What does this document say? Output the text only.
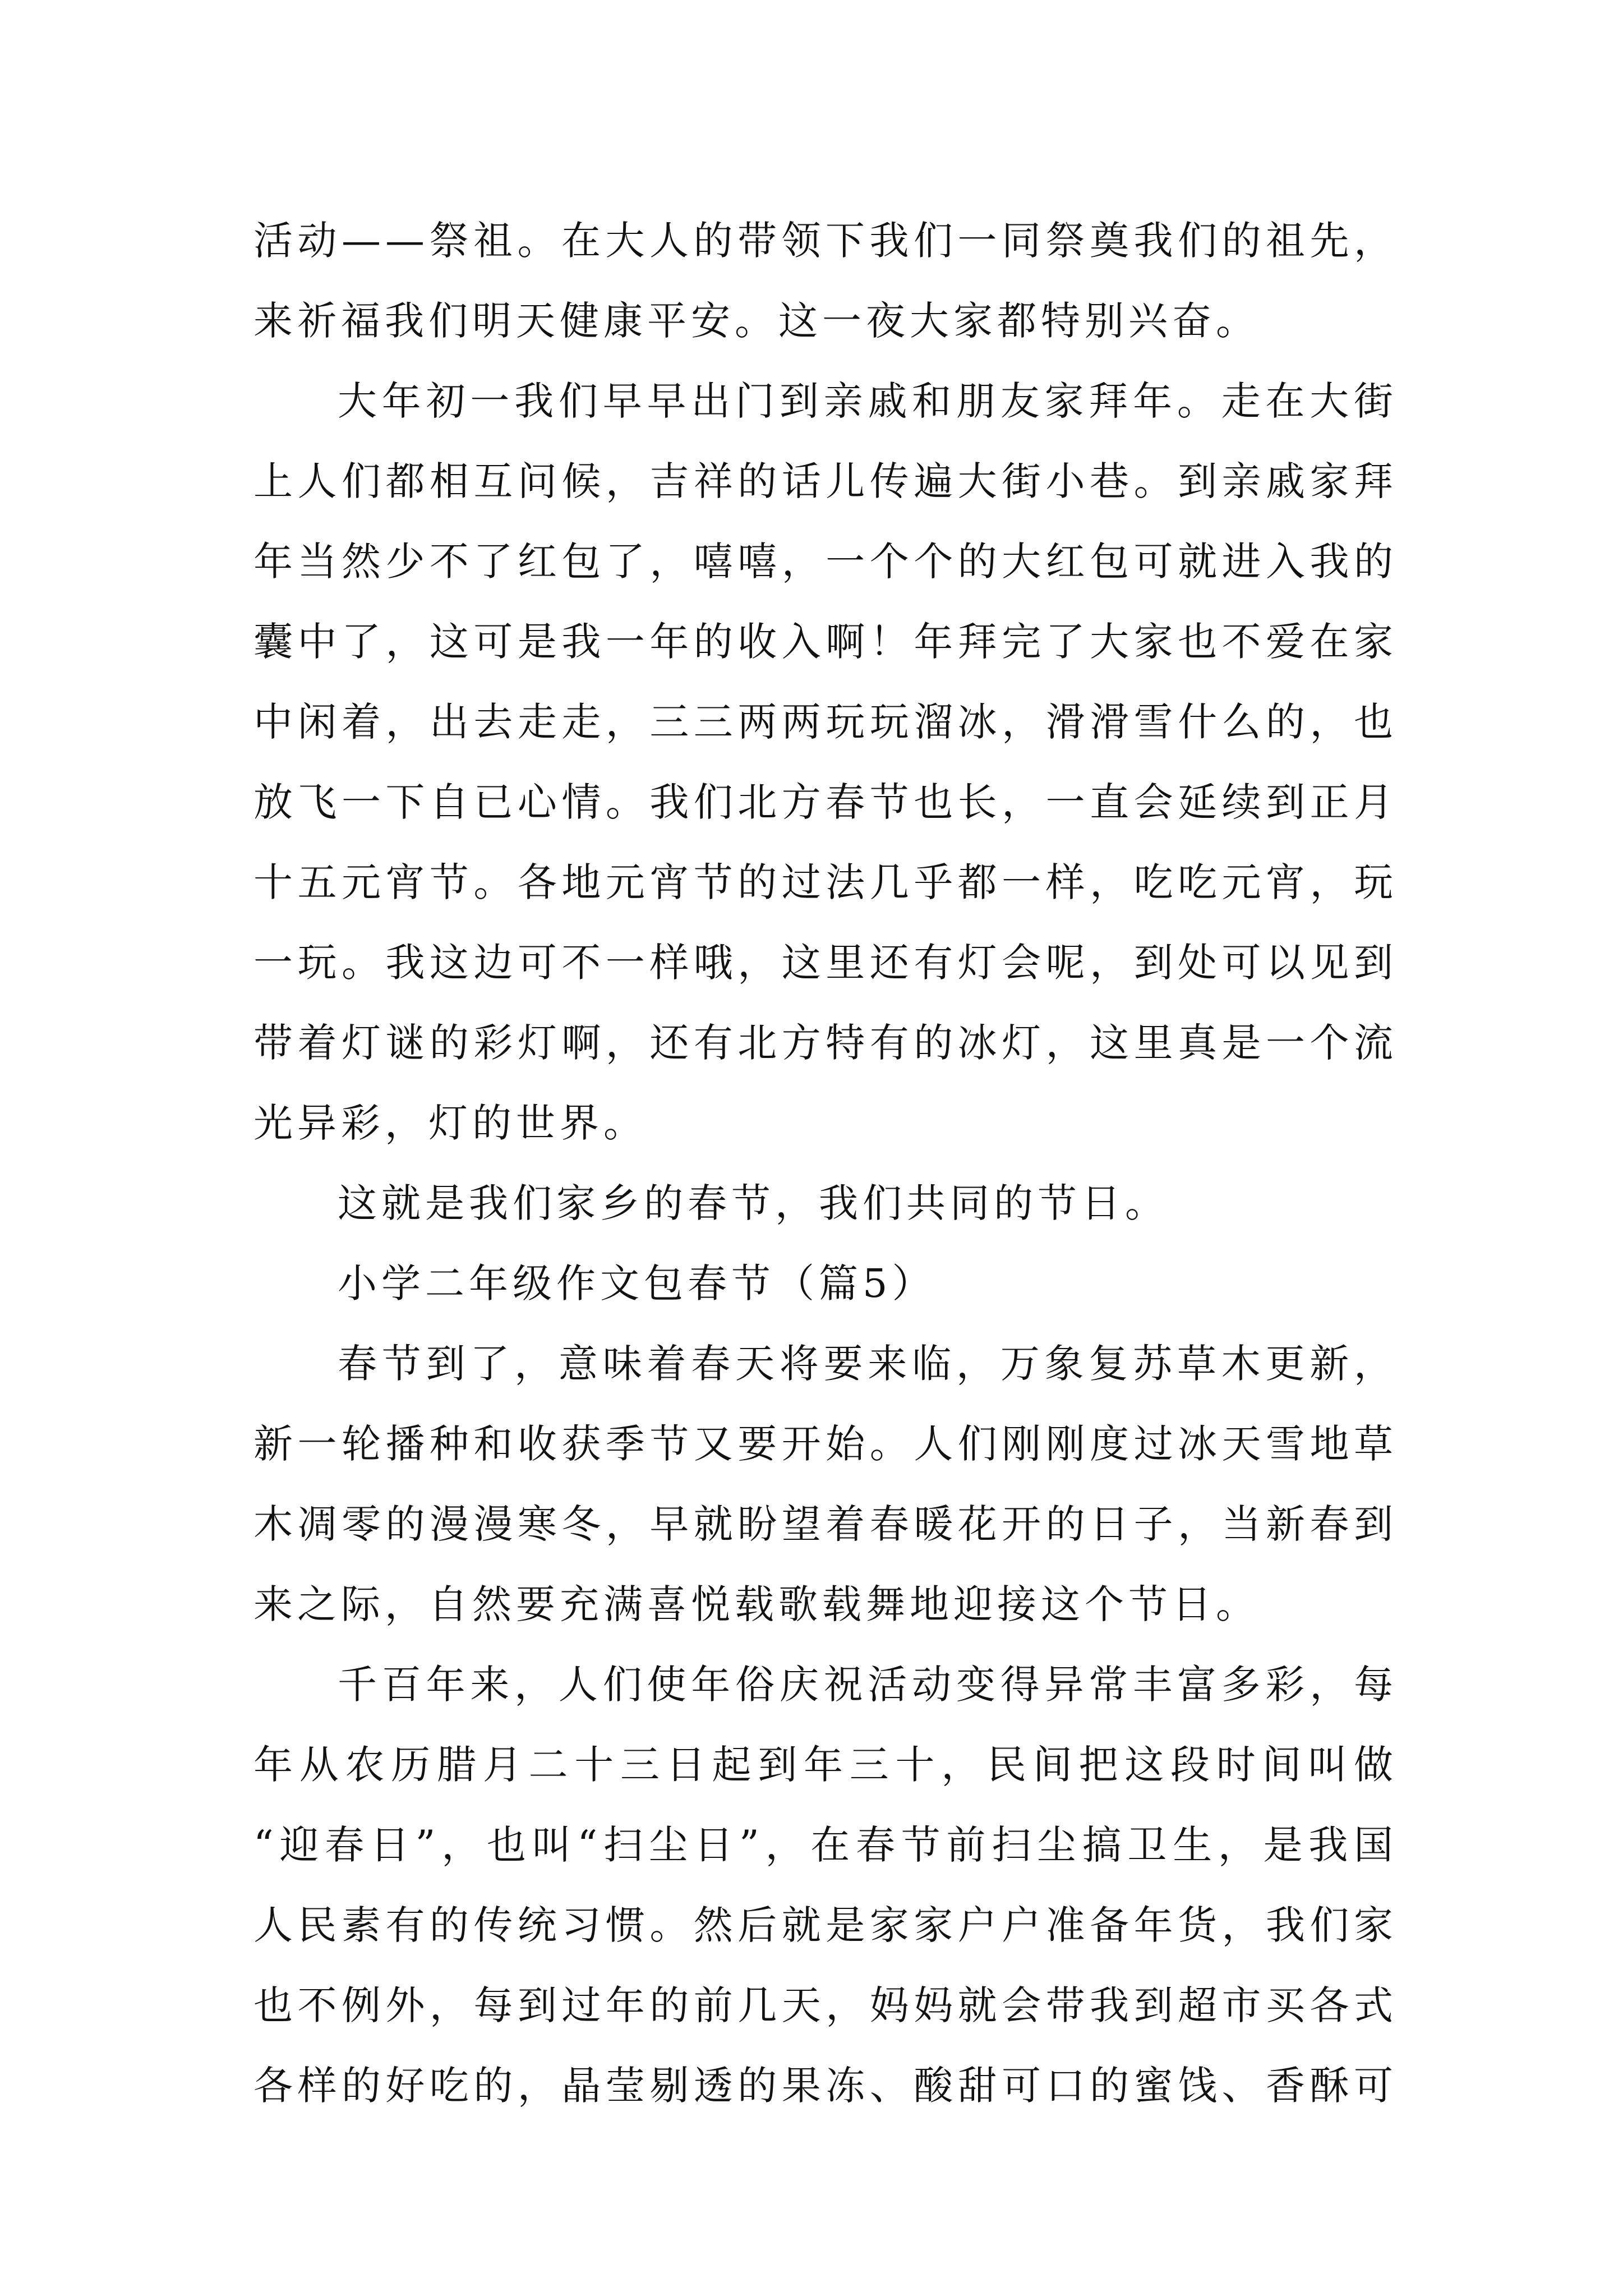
活动——祭祖。在大人的带领下我们一同祭奠我们的祖先，
来祈福我们明天健康平安。这一夜大家都特别兴奋。
大年初一我们早早出门到亲戚和朋友家拜年。走在大街
上人们都相互问候，吉祥的话儿传遍大街小巷。到亲戚家拜
年当然少不了红包了，嘻嘻，一个个的大红包可就进入我的
囊中了，这可是我一年的收入啊！年拜完了大家也不爱在家
中闲着，出去走走，三三两两玩玩溜冰，滑滑雪什么的，也
放飞一下自已心情。我们北方春节也长，一直会延续到正月
十五元宵节。各地元宵节的过法几乎都一样，吃吃元宵，玩
一玩。我这边可不一样哦，这里还有灯会呢，到处可以见到
带着灯谜的彩灯啊，还有北方特有的冰灯，这里真是一个流
光异彩，灯的世界。
这就是我们家乡的春节，我们共同的节日。
小学二年级作文包春节（篇5）
春节到了，意味着春天将要来临，万象复苏草木更新，
新一轮播种和收获季节又要开始。人们刚刚度过冰天雪地草
木凋零的漫漫寒冬，早就盼望着春暖花开的日子，当新春到
来之际，自然要充满喜悦载歌载舞地迎接这个节日。
千百年来，人们使年俗庆祝活动变得异常丰富多彩，每
年从农历腊月二十三日起到年三十，民间把这段时间叫做
“迎春日”，也叫“扫尘日”，在春节前扫尘搞卫生，是我国
人民素有的传统习惯。然后就是家家户户准备年货，我们家
也不例外，每到过年的前几天，妈妈就会带我到超市买各式
各样的好吃的，晶莹剔透的果冻、酸甜可口的蜜饯、香酥可
